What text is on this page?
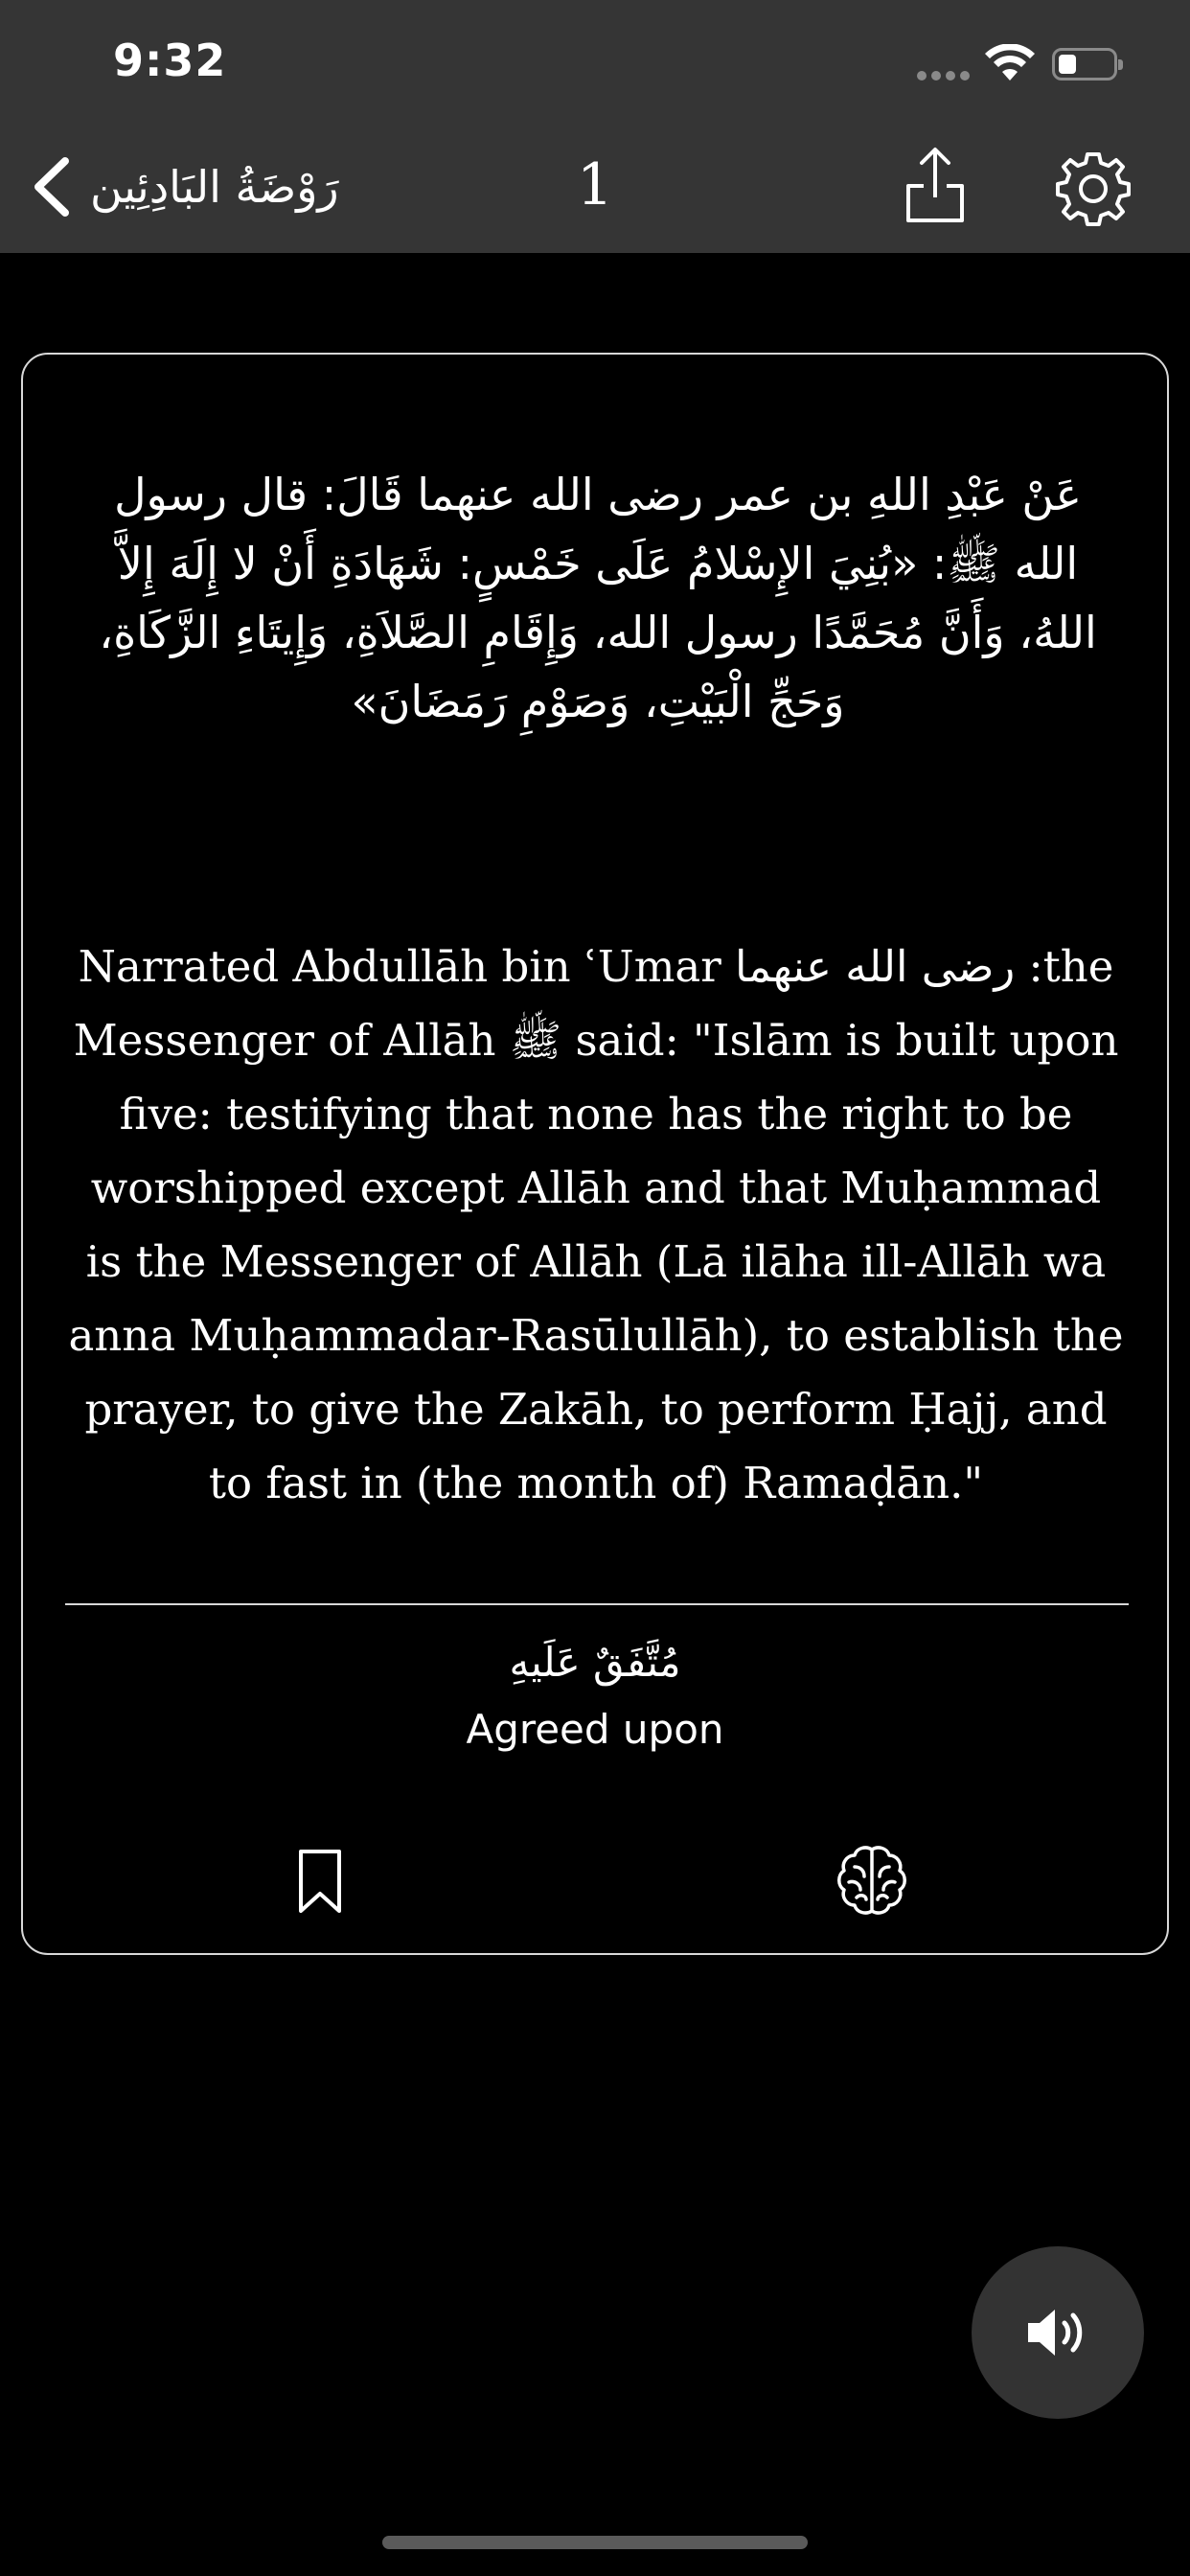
9:32
رَوْضَةُ البَادِئِين	1
عَنْ عَبْدِ اللهِ بن عمر رضى الله عنهما قَالَ: قال رسول الله ﷺ: «بُنِيَ الإِسْلامُ عَلَى خَمْسٍ: شَهَادَةِ أَنْ لا إِلَهَ إِلاَّ اللهُ، وَأَنَّ مُحَمَّدًا رسول الله، وَإِقَامِ الصَّلاَةِ، وَإِيتَاءِ الزَّكَاةِ، وَحَجِّ الْبَيْتِ، وَصَوْمِ رَمَضَانَ»
Narrated Abdullāh bin ʿUmar رضى الله عنهما :the Messenger of Allāh ﷺ said: "Islām is built upon five: testifying that none has the right to be worshipped except Allāh and that Muḥammad is the Messenger of Allāh (Lā ilāha ill-Allāh wa anna Muḥammadar-Rasūlullāh), to establish the prayer, to give the Zakāh, to perform Ḥajj, and to fast in (the month of) Ramaḍān."
مُتَّفَقٌ عَلَيهِ
Agreed upon
